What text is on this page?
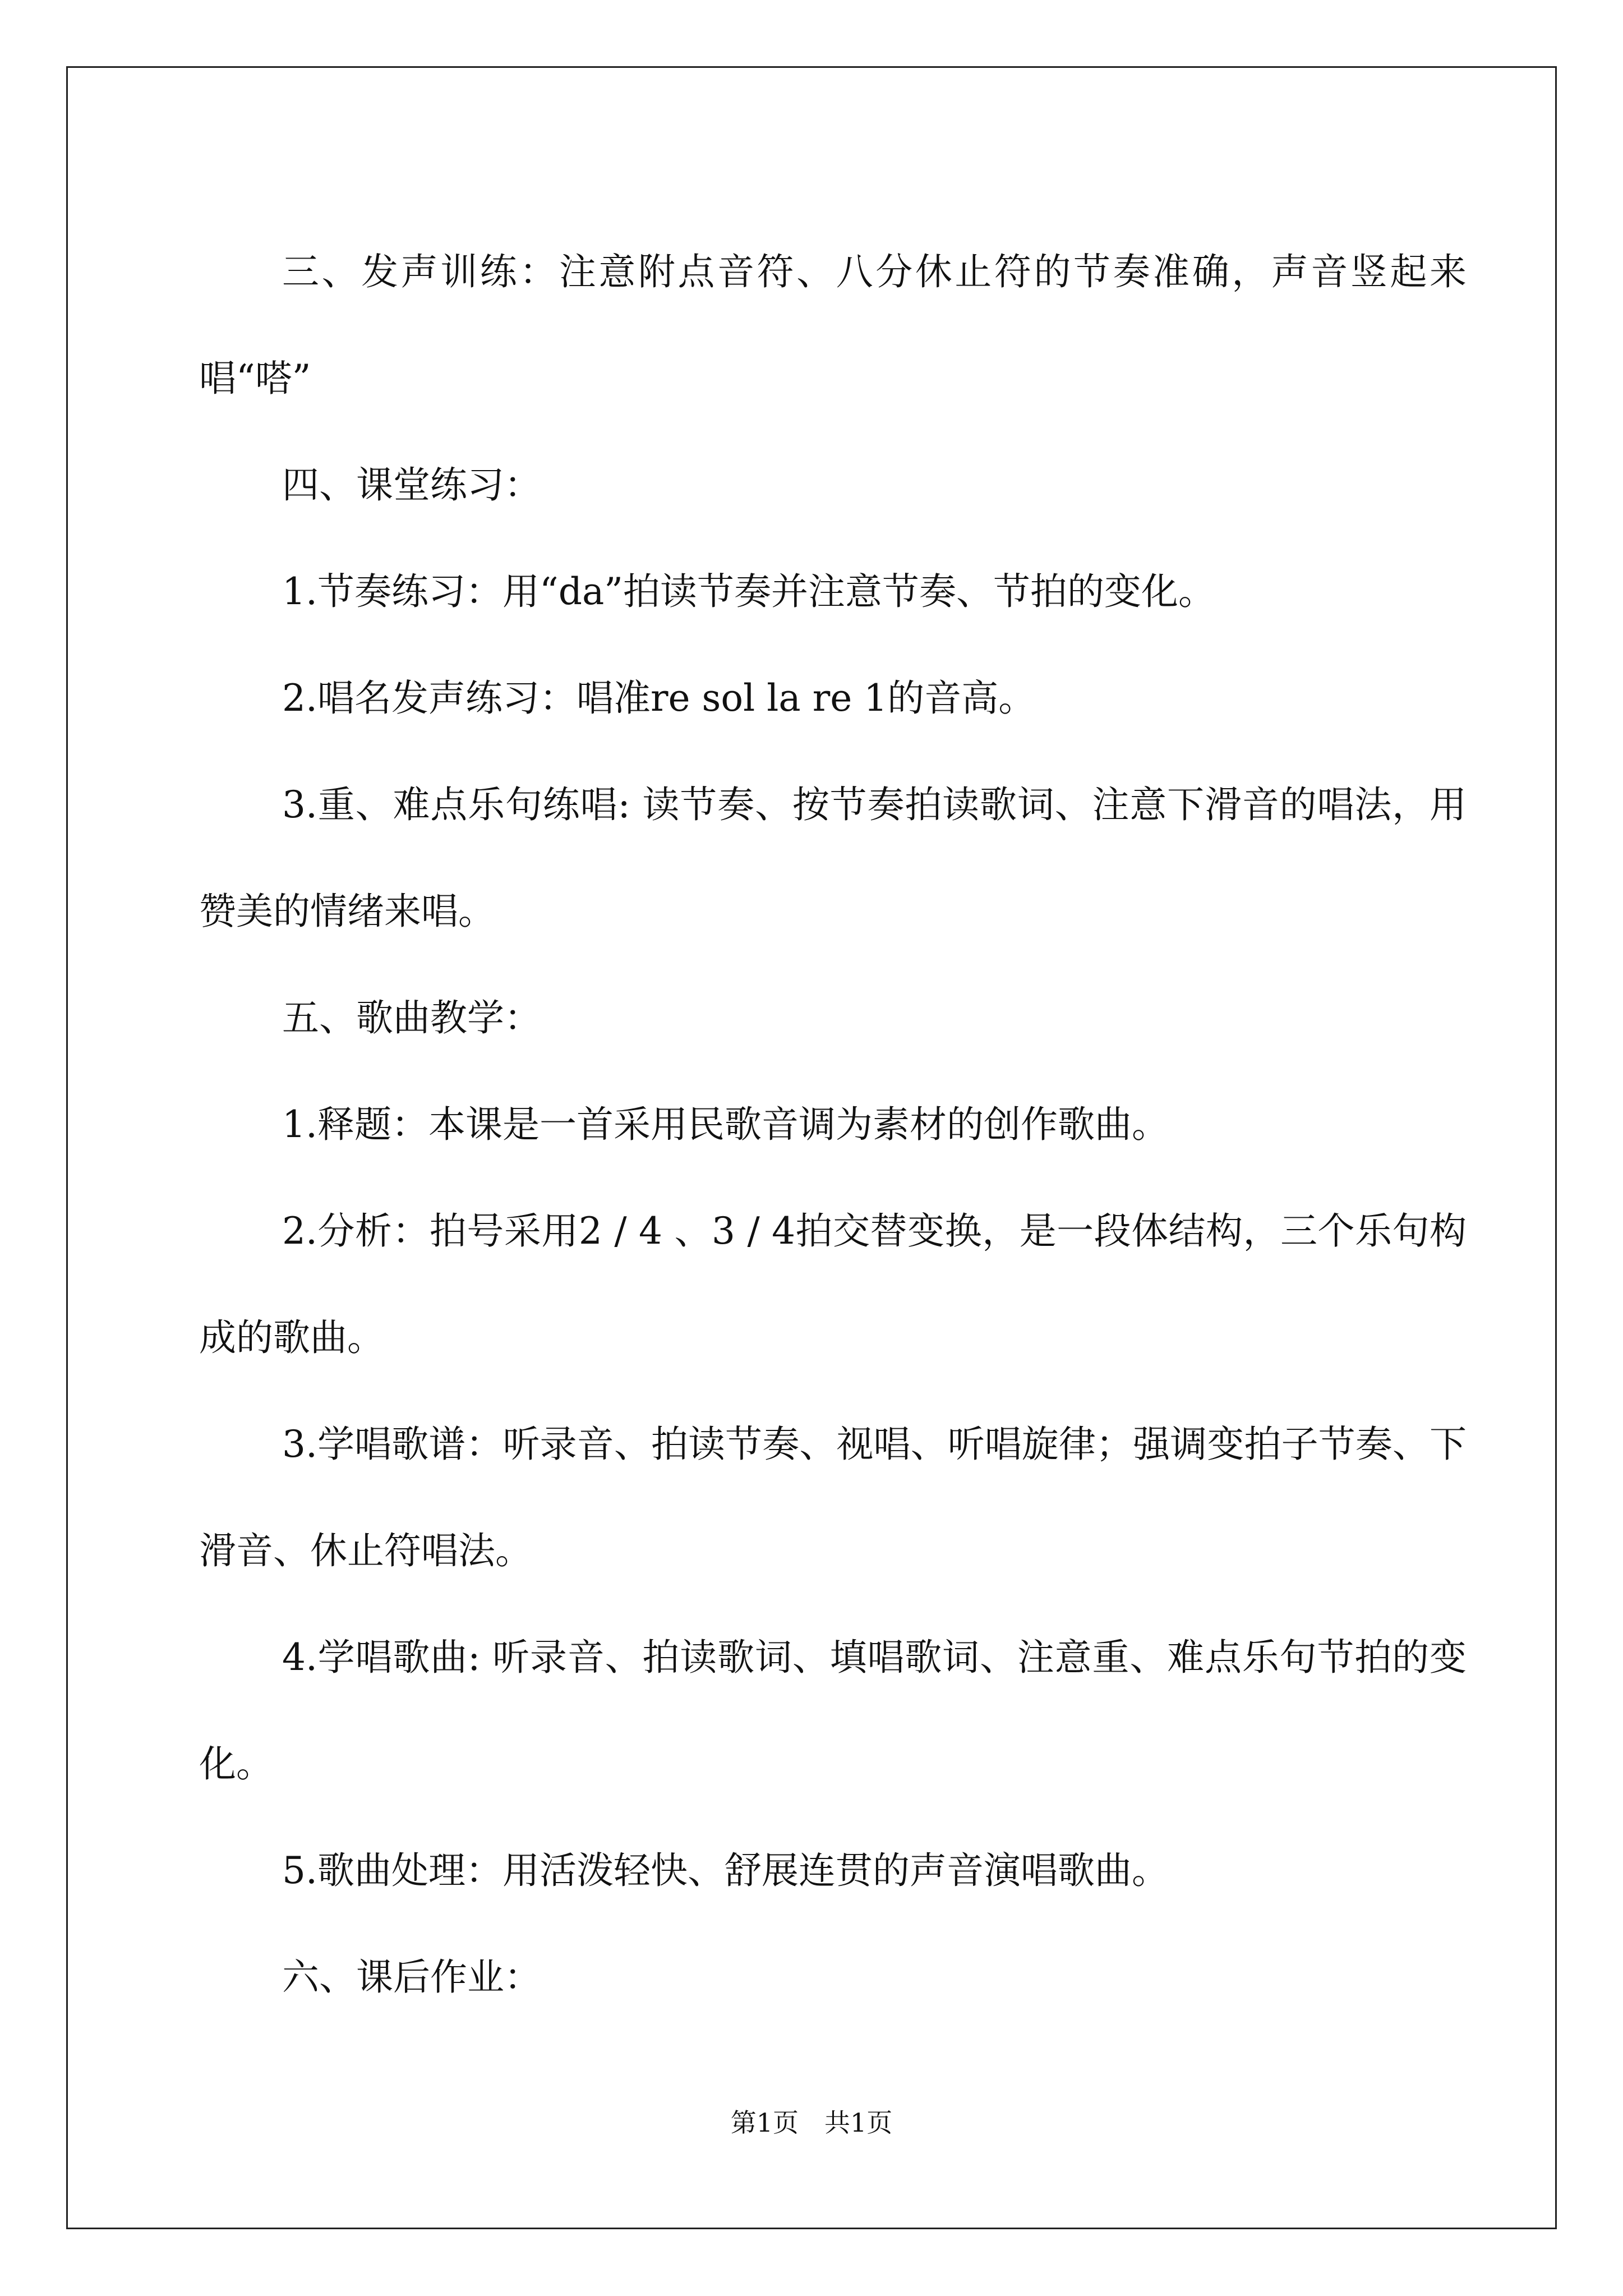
三、发声训练：注意附点音符、八分休止符的节奏准确，声音竖起来唱“嗒”

四、课堂练习：

1.节奏练习：用“da”拍读节奏并注意节奏、节拍的变化。

2.唱名发声练习：唱准re sol la re 1的音高。

3.重、难点乐句练唱: 读节奏、按节奏拍读歌词、注意下滑音的唱法，用赞美的情绪来唱。

五、歌曲教学：

1.释题：本课是一首采用民歌音调为素材的创作歌曲。

2.分析：拍号采用2 / 4 、3 / 4拍交替变换，是一段体结构，三个乐句构成的歌曲。

3.学唱歌谱：听录音、拍读节奏、视唱、听唱旋律；强调变拍子节奏、下滑音、休止符唱法。

4.学唱歌曲: 听录音、拍读歌词、填唱歌词、注意重、难点乐句节拍的变化。

5.歌曲处理：用活泼轻快、舒展连贯的声音演唱歌曲。

六、课后作业：

第1页　共1页
